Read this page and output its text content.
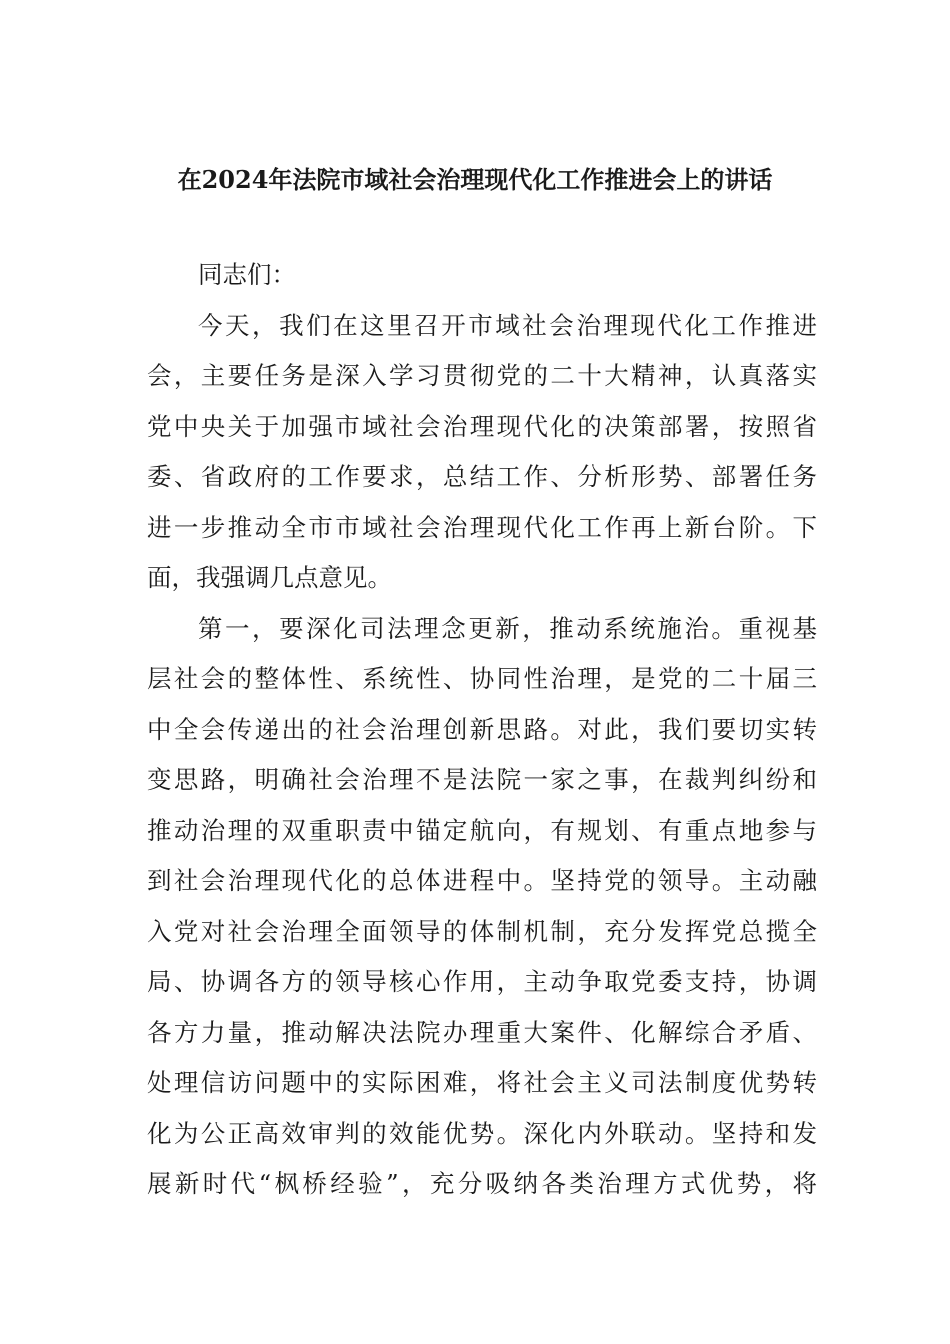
在2024年法院市域社会治理现代化工作推进会上的讲话
同志们：
今天，我们在这里召开市域社会治理现代化工作推进
会，主要任务是深入学习贯彻党的二十大精神，认真落实
党中央关于加强市域社会治理现代化的决策部署，按照省
委、省政府的工作要求，总结工作、分析形势、部署任务
进一步推动全市市域社会治理现代化工作再上新台阶。下
面，我强调几点意见。
第一，要深化司法理念更新，推动系统施治。重视基
层社会的整体性、系统性、协同性治理，是党的二十届三
中全会传递出的社会治理创新思路。对此，我们要切实转
变思路，明确社会治理不是法院一家之事，在裁判纠纷和
推动治理的双重职责中锚定航向，有规划、有重点地参与
到社会治理现代化的总体进程中。坚持党的领导。主动融
入党对社会治理全面领导的体制机制，充分发挥党总揽全
局、协调各方的领导核心作用，主动争取党委支持，协调
各方力量，推动解决法院办理重大案件、化解综合矛盾、
处理信访问题中的实际困难，将社会主义司法制度优势转
化为公正高效审判的效能优势。深化内外联动。坚持和发
展新时代“枫桥经验”，充分吸纳各类治理方式优势，将
